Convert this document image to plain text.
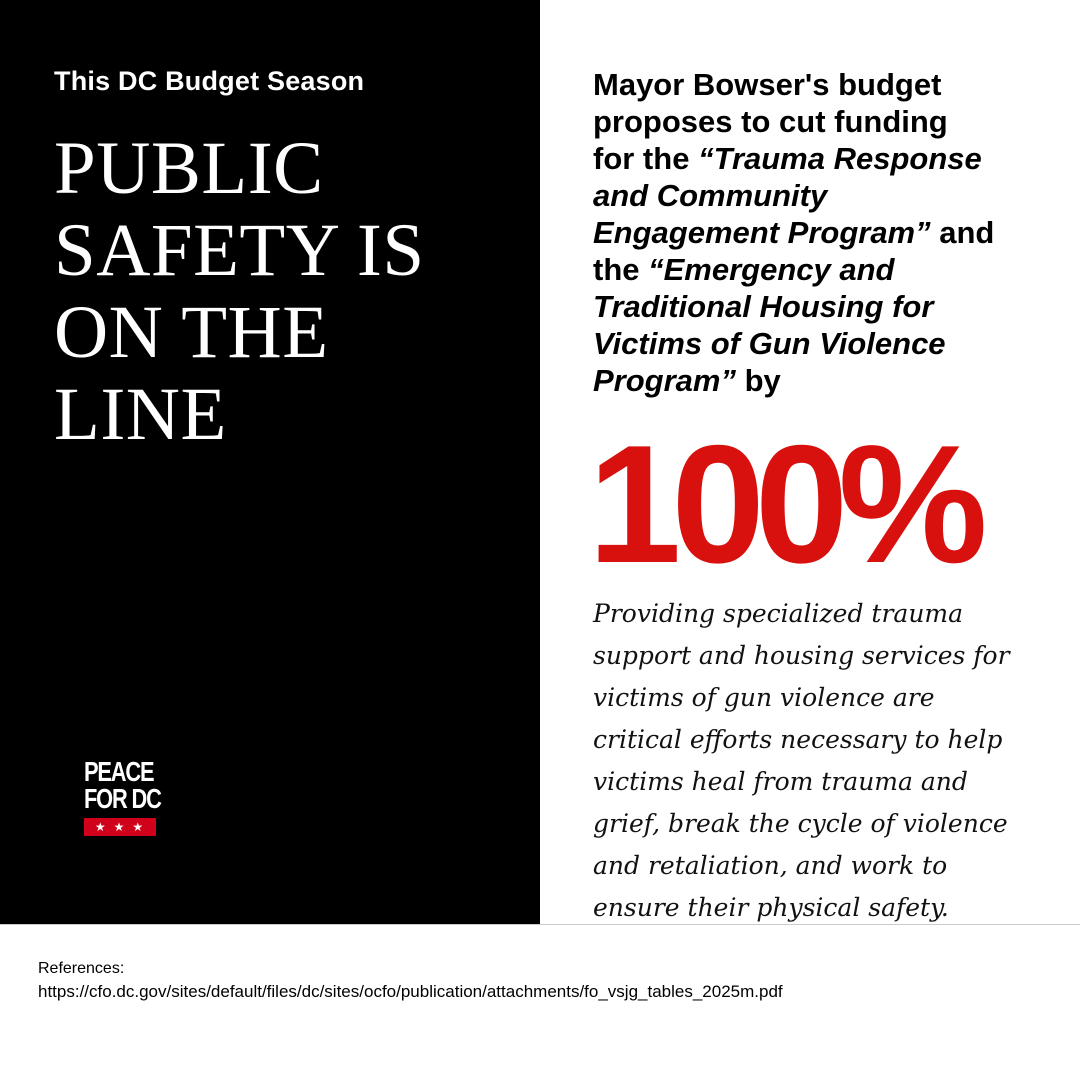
This DC Budget Season
PUBLIC
SAFETY IS
ON THE
LINE
PEACE
FOR DC
★★★
Mayor Bowser's budget
proposes to cut funding
for the “Trauma Response
and Community
Engagement Program” and
the “Emergency and
Traditional Housing for
Victims of Gun Violence
Program” by
100%
Providing specialized trauma
support and housing services for
victims of gun violence are
critical efforts necessary to help
victims heal from trauma and
grief, break the cycle of violence
and retaliation, and work to
ensure their physical safety.
References:
https://cfo.dc.gov/sites/default/files/dc/sites/ocfo/publication/attachments/fo_vsjg_tables_2025m.pdf
